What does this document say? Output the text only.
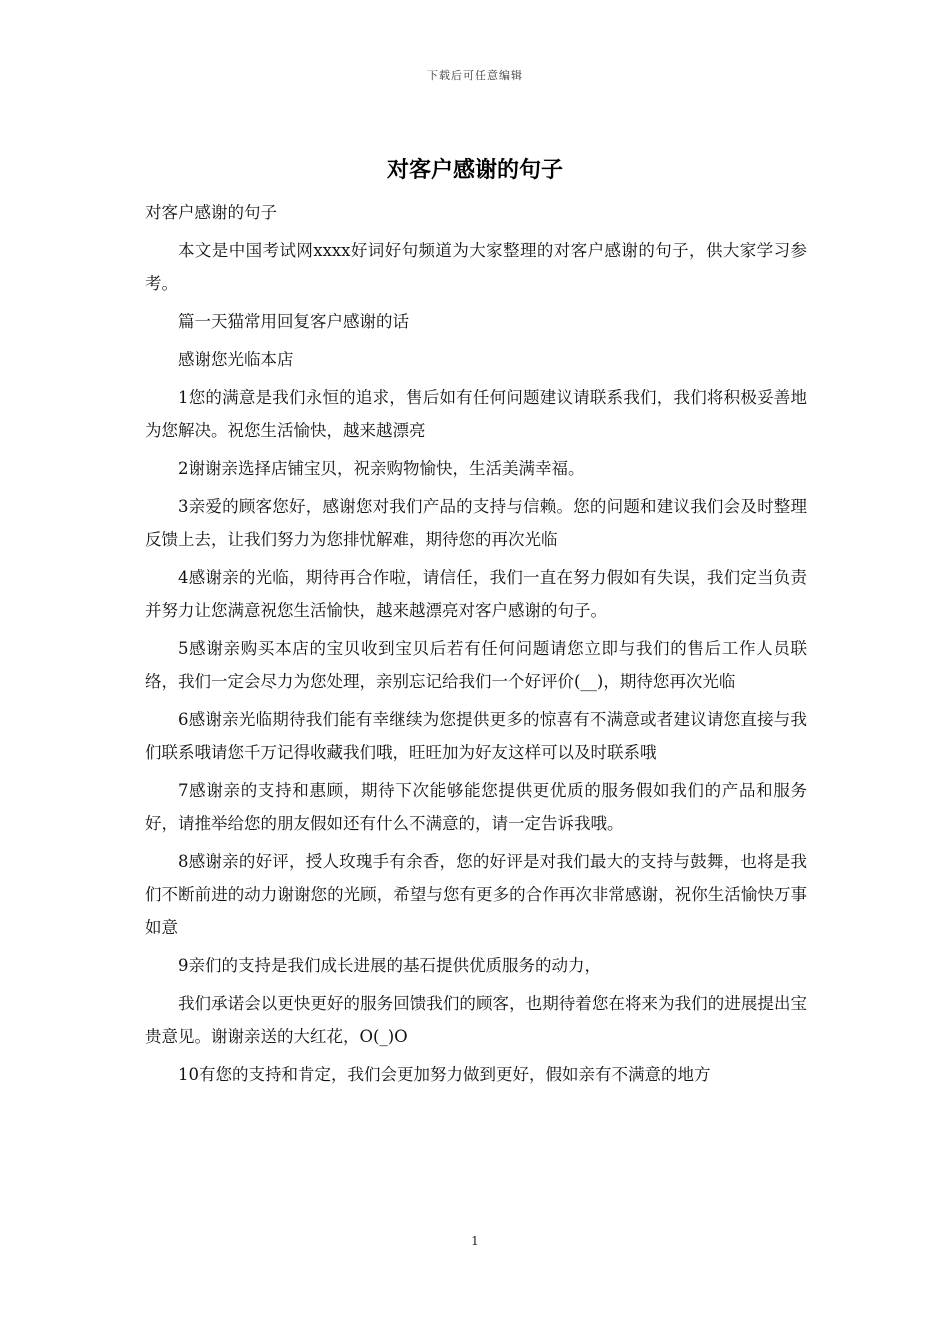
下载后可任意编辑
对客户感谢的句子

对客户感谢的句子

本文是中国考试网xxxx好词好句频道为大家整理的对客户感谢的句子，供大家学习参考。

篇一天猫常用回复客户感谢的话

感谢您光临本店

1您的满意是我们永恒的追求，售后如有任何问题建议请联系我们，我们将积极妥善地为您解决。祝您生活愉快，越来越漂亮

2谢谢亲选择店铺宝贝，祝亲购物愉快，生活美满幸福。

3亲爱的顾客您好，感谢您对我们产品的支持与信赖。您的问题和建议我们会及时整理反馈上去，让我们努力为您排忧解难，期待您的再次光临

4感谢亲的光临，期待再合作啦，请信任，我们一直在努力假如有失误，我们定当负责并努力让您满意祝您生活愉快，越来越漂亮对客户感谢的句子。

5感谢亲购买本店的宝贝收到宝贝后若有任何问题请您立即与我们的售后工作人员联络，我们一定会尽力为您处理，亲别忘记给我们一个好评价(__)，期待您再次光临

6感谢亲光临期待我们能有幸继续为您提供更多的惊喜有不满意或者建议请您直接与我们联系哦请您千万记得收藏我们哦，旺旺加为好友这样可以及时联系哦

7感谢亲的支持和惠顾，期待下次能够能您提供更优质的服务假如我们的产品和服务好，请推举给您的朋友假如还有什么不满意的，请一定告诉我哦。

8感谢亲的好评，授人玫瑰手有余香，您的好评是对我们最大的支持与鼓舞，也将是我们不断前进的动力谢谢您的光顾，希望与您有更多的合作再次非常感谢，祝你生活愉快万事如意

9亲们的支持是我们成长进展的基石提供优质服务的动力，

我们承诺会以更快更好的服务回馈我们的顾客，也期待着您在将来为我们的进展提出宝贵意见。谢谢亲送的大红花，O(_)O

10有您的支持和肯定，我们会更加努力做到更好，假如亲有不满意的地方

1
